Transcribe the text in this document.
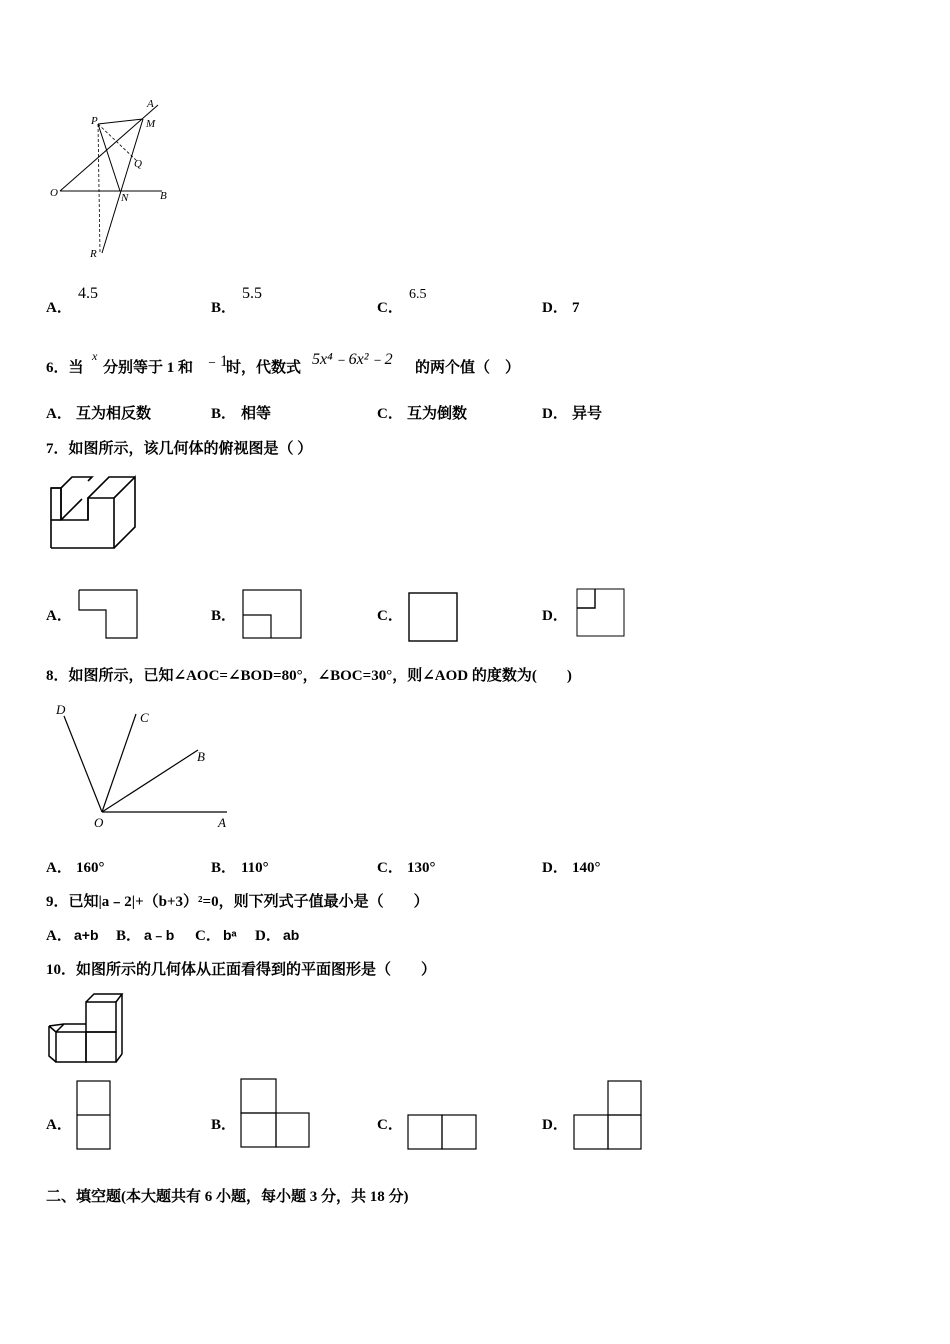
P
A
M
Q
O	N	B
R
A．
4.5
B．
5.5
C．
6.5
D． 7
6．当
x
分别等于 1 和 ﹣1
时，代数式 5x⁴﹣6x²﹣2 的两个值（　）
A． 互为相反数	B． 相等	C． 互为倒数	D． 异号
7．如图所示，该几何体的俯视图是（ ）
A．	B．	C．	D．
8．如图所示，已知∠AOC=∠BOD=80°，∠BOC=30°，则∠AOD 的度数为(　　)
D
C
B
O	A
A． 160°	B． 110°	C． 130°	D． 140°
9．已知|a﹣2|+（b+3）²=0，则下列式子值最小是（　　）
A． a+b B． a﹣b C． bᵃ D． ab
10．如图所示的几何体从正面看得到的平面图形是（　　）
A．	B．	C．	D．
二、填空题(本大题共有 6 小题，每小题 3 分，共 18 分)
